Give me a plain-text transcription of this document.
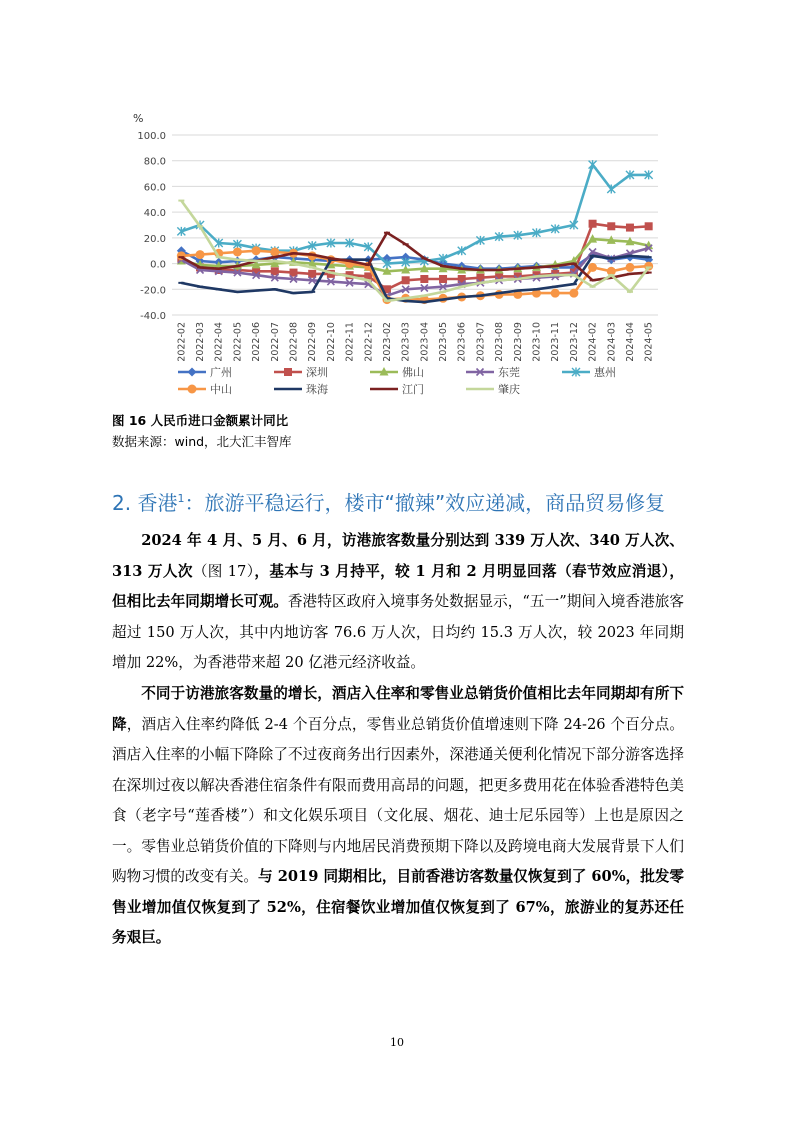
%
100.0
80.0
60.0
40.0
20.0
0.0
-20.0
-40.0
2022-02 2022-03 2022-04 2022-05 2022-06 2022-07 2022-08 2022-09 2022-10 2022-11 2022-12 2023-02 2023-03 2023-04 2023-05 2023-06 2023-07 2023-08 2023-09 2023-10 2023-11 2023-12 2024-02 2024-03 2024-04 2024-05
广州	深圳	佛山	东莞	惠州
中山	珠海	江门	肇庆
图 16 人民币进口金额累计同比
数据来源：wind，北大汇丰智库
2. 香港$^1$：旅游平稳运行，楼市“撤辣”效应递减，商品贸易修复
2024 年 4 月、5 月、6 月，访港旅客数量分别达到 339 万人次、340 万人次、313 万人次（图 17），基本与 3 月持平，较 1 月和 2 月明显回落（春节效应消退），但相比去年同期增长可观。香港特区政府入境事务处数据显示，“五一”期间入境香港旅客超过 150 万人次，其中内地访客 76.6 万人次，日均约 15.3 万人次，较 2023 年同期增加 22%，为香港带来超 20 亿港元经济收益。
不同于访港旅客数量的增长，酒店入住率和零售业总销货价值相比去年同期却有所下降，酒店入住率约降低 2-4 个百分点，零售业总销货价值增速则下降 24-26 个百分点。酒店入住率的小幅下降除了不过夜商务出行因素外，深港通关便利化情况下部分游客选择在深圳过夜以解决香港住宿条件有限而费用高昂的问题，把更多费用花在体验香港特色美食（老字号“莲香楼”）和文化娱乐项目（文化展、烟花、迪士尼乐园等）上也是原因之一。零售业总销货价值的下降则与内地居民消费预期下降以及跨境电商大发展背景下人们购物习惯的改变有关。与 2019 同期相比，目前香港访客数量仅恢复到了 60%，批发零售业增加值仅恢复到了 52%，住宿餐饮业增加值仅恢复到了 67%，旅游业的复苏还任务艰巨。
10
